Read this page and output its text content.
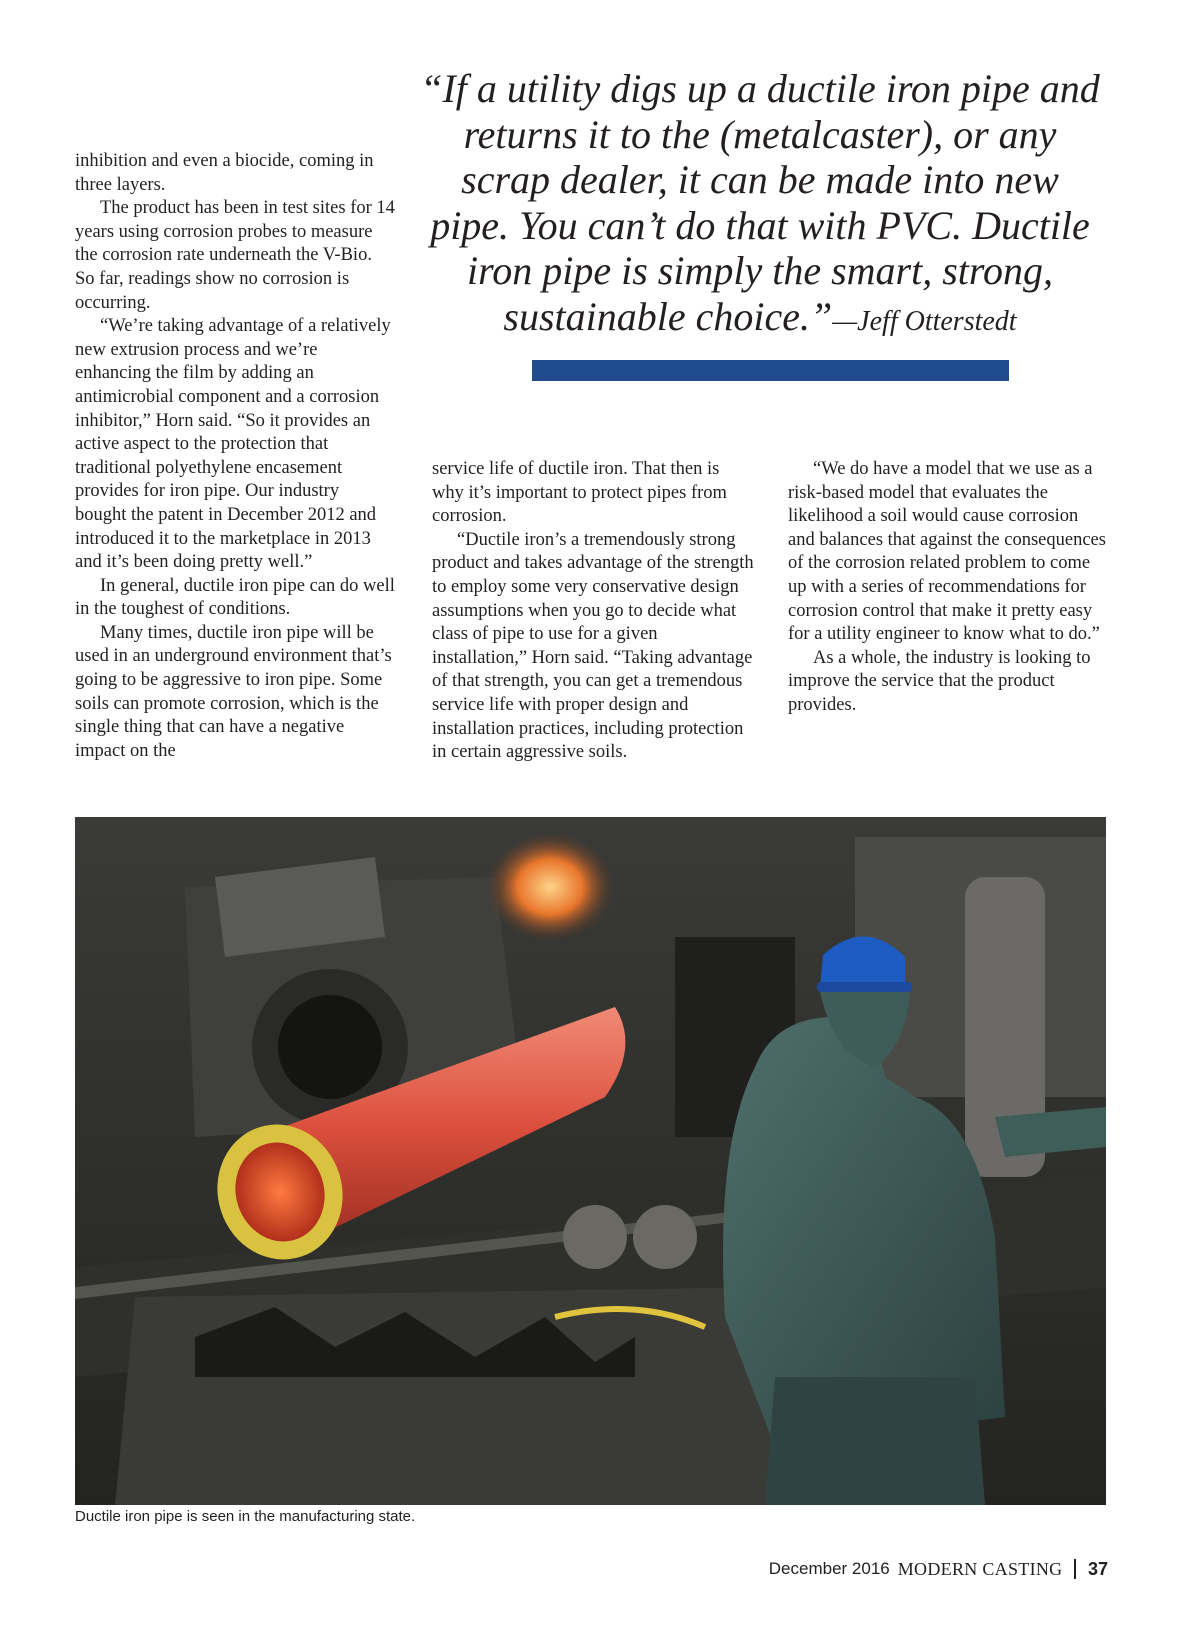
inhibition and even a biocide, coming in three layers.

The product has been in test sites for 14 years using corrosion probes to measure the corrosion rate underneath the V-Bio. So far, readings show no corrosion is occurring.

“We’re taking advantage of a relatively new extrusion process and we’re enhancing the film by adding an antimicrobial component and a corrosion inhibitor,” Horn said. “So it provides an active aspect to the protection that traditional polyethylene encasement provides for iron pipe. Our industry bought the patent in December 2012 and introduced it to the marketplace in 2013 and it’s been doing pretty well.”

In general, ductile iron pipe can do well in the toughest of conditions.

Many times, ductile iron pipe will be used in an underground environment that’s going to be aggressive to iron pipe. Some soils can promote corrosion, which is the single thing that can have a negative impact on the

“If a utility digs up a ductile iron pipe and returns it to the (metalcaster), or any scrap dealer, it can be made into new pipe. You can’t do that with PVC. Ductile iron pipe is simply the smart, strong, sustainable choice.”—Jeff Otterstedt

service life of ductile iron. That then is why it’s important to protect pipes from corrosion.

“Ductile iron’s a tremendously strong product and takes advantage of the strength to employ some very conservative design assumptions when you go to decide what class of pipe to use for a given installation,” Horn said. “Taking advantage of that strength, you can get a tremendous service life with proper design and installation practices, including protection in certain aggressive soils.

“We do have a model that we use as a risk-based model that evaluates the likelihood a soil would cause corrosion and balances that against the consequences of the corrosion related problem to come up with a series of recommendations for corrosion control that make it pretty easy for a utility engineer to know what to do.”

As a whole, the industry is looking to improve the service that the product provides.

Ductile iron pipe is seen in the manufacturing state.
December 2016 MODERN CASTING 37
